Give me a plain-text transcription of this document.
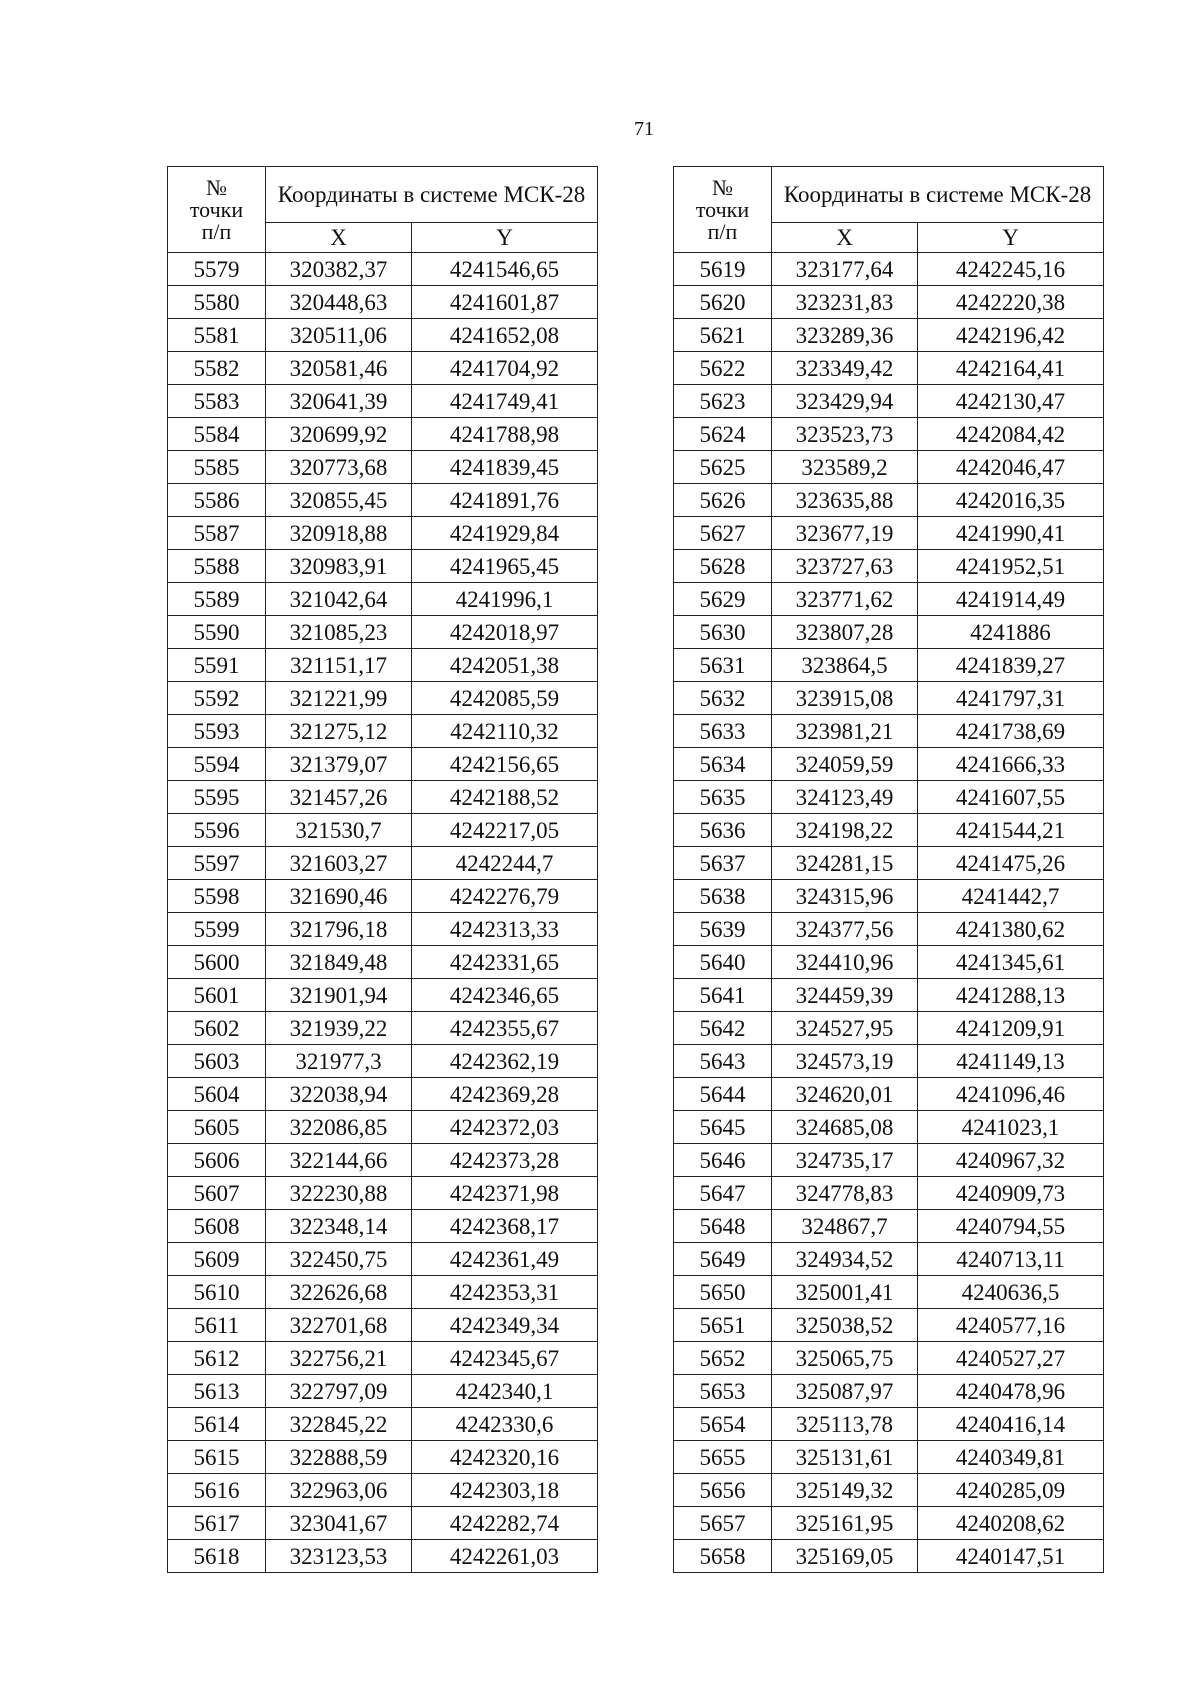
71
№
точки
п/п	Координаты в системе МСК-28	
	X	Y
5579	320382,37	4241546,65
5580	320448,63	4241601,87
5581	320511,06	4241652,08
5582	320581,46	4241704,92
5583	320641,39	4241749,41
5584	320699,92	4241788,98
5585	320773,68	4241839,45
5586	320855,45	4241891,76
5587	320918,88	4241929,84
5588	320983,91	4241965,45
5589	321042,64	4241996,1
5590	321085,23	4242018,97
5591	321151,17	4242051,38
5592	321221,99	4242085,59
5593	321275,12	4242110,32
5594	321379,07	4242156,65
5595	321457,26	4242188,52
5596	321530,7	4242217,05
5597	321603,27	4242244,7
5598	321690,46	4242276,79
5599	321796,18	4242313,33
5600	321849,48	4242331,65
5601	321901,94	4242346,65
5602	321939,22	4242355,67
5603	321977,3	4242362,19
5604	322038,94	4242369,28
5605	322086,85	4242372,03
5606	322144,66	4242373,28
5607	322230,88	4242371,98
5608	322348,14	4242368,17
5609	322450,75	4242361,49
5610	322626,68	4242353,31
5611	322701,68	4242349,34
5612	322756,21	4242345,67
5613	322797,09	4242340,1
5614	322845,22	4242330,6
5615	322888,59	4242320,16
5616	322963,06	4242303,18
5617	323041,67	4242282,74
5618	323123,53	4242261,03
№
точки
п/п	Координаты в системе МСК-28	
	X	Y
5619	323177,64	4242245,16
5620	323231,83	4242220,38
5621	323289,36	4242196,42
5622	323349,42	4242164,41
5623	323429,94	4242130,47
5624	323523,73	4242084,42
5625	323589,2	4242046,47
5626	323635,88	4242016,35
5627	323677,19	4241990,41
5628	323727,63	4241952,51
5629	323771,62	4241914,49
5630	323807,28	4241886
5631	323864,5	4241839,27
5632	323915,08	4241797,31
5633	323981,21	4241738,69
5634	324059,59	4241666,33
5635	324123,49	4241607,55
5636	324198,22	4241544,21
5637	324281,15	4241475,26
5638	324315,96	4241442,7
5639	324377,56	4241380,62
5640	324410,96	4241345,61
5641	324459,39	4241288,13
5642	324527,95	4241209,91
5643	324573,19	4241149,13
5644	324620,01	4241096,46
5645	324685,08	4241023,1
5646	324735,17	4240967,32
5647	324778,83	4240909,73
5648	324867,7	4240794,55
5649	324934,52	4240713,11
5650	325001,41	4240636,5
5651	325038,52	4240577,16
5652	325065,75	4240527,27
5653	325087,97	4240478,96
5654	325113,78	4240416,14
5655	325131,61	4240349,81
5656	325149,32	4240285,09
5657	325161,95	4240208,62
5658	325169,05	4240147,51
